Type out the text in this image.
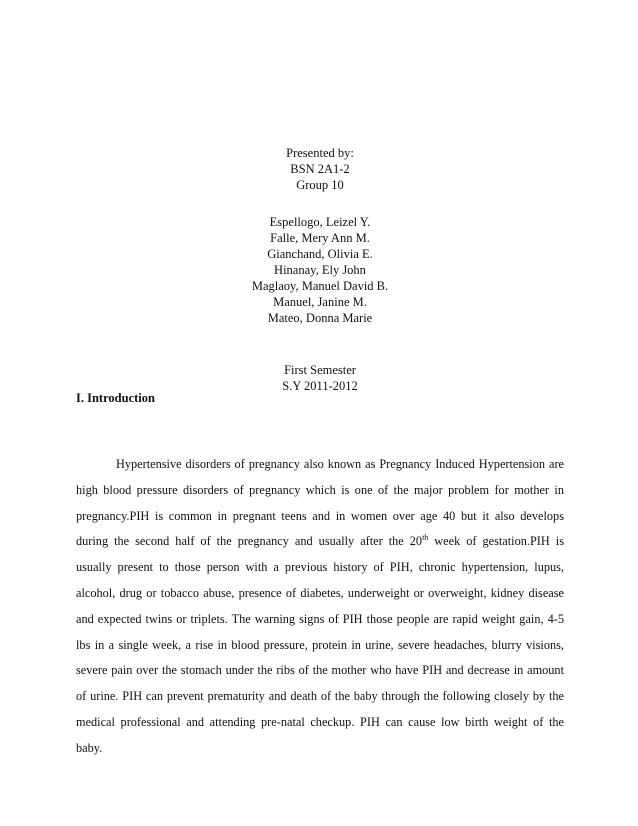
Presented by:
BSN 2A1-2
Group 10
Espellogo, Leizel Y.
Falle, Mery Ann M.
Gianchand, Olivia E.
Hinanay, Ely John
Maglaoy, Manuel David B.
Manuel, Janine M.
Mateo, Donna Marie
First Semester
S.Y 2011-2012
I. Introduction
Hypertensive disorders of pregnancy also known as Pregnancy Induced Hypertension are
high blood pressure disorders of pregnancy which is one of the major problem for mother in
pregnancy.PIH is common in pregnant teens and in women over age 40 but it also develops
during the second half of the pregnancy and usually after the 20th week of gestation.PIH is
usually present to those person with a previous history of PIH, chronic hypertension, lupus,
alcohol, drug or tobacco abuse, presence of diabetes, underweight or overweight, kidney disease
and expected twins or triplets. The warning signs of PIH those people are rapid weight gain, 4-5
lbs in a single week, a rise in blood pressure, protein in urine, severe headaches, blurry visions,
severe pain over the stomach under the ribs of the mother who have PIH and decrease in amount
of urine. PIH can prevent prematurity and death of the baby through the following closely by the
medical professional and attending pre-natal checkup. PIH can cause low birth weight of the
baby.
